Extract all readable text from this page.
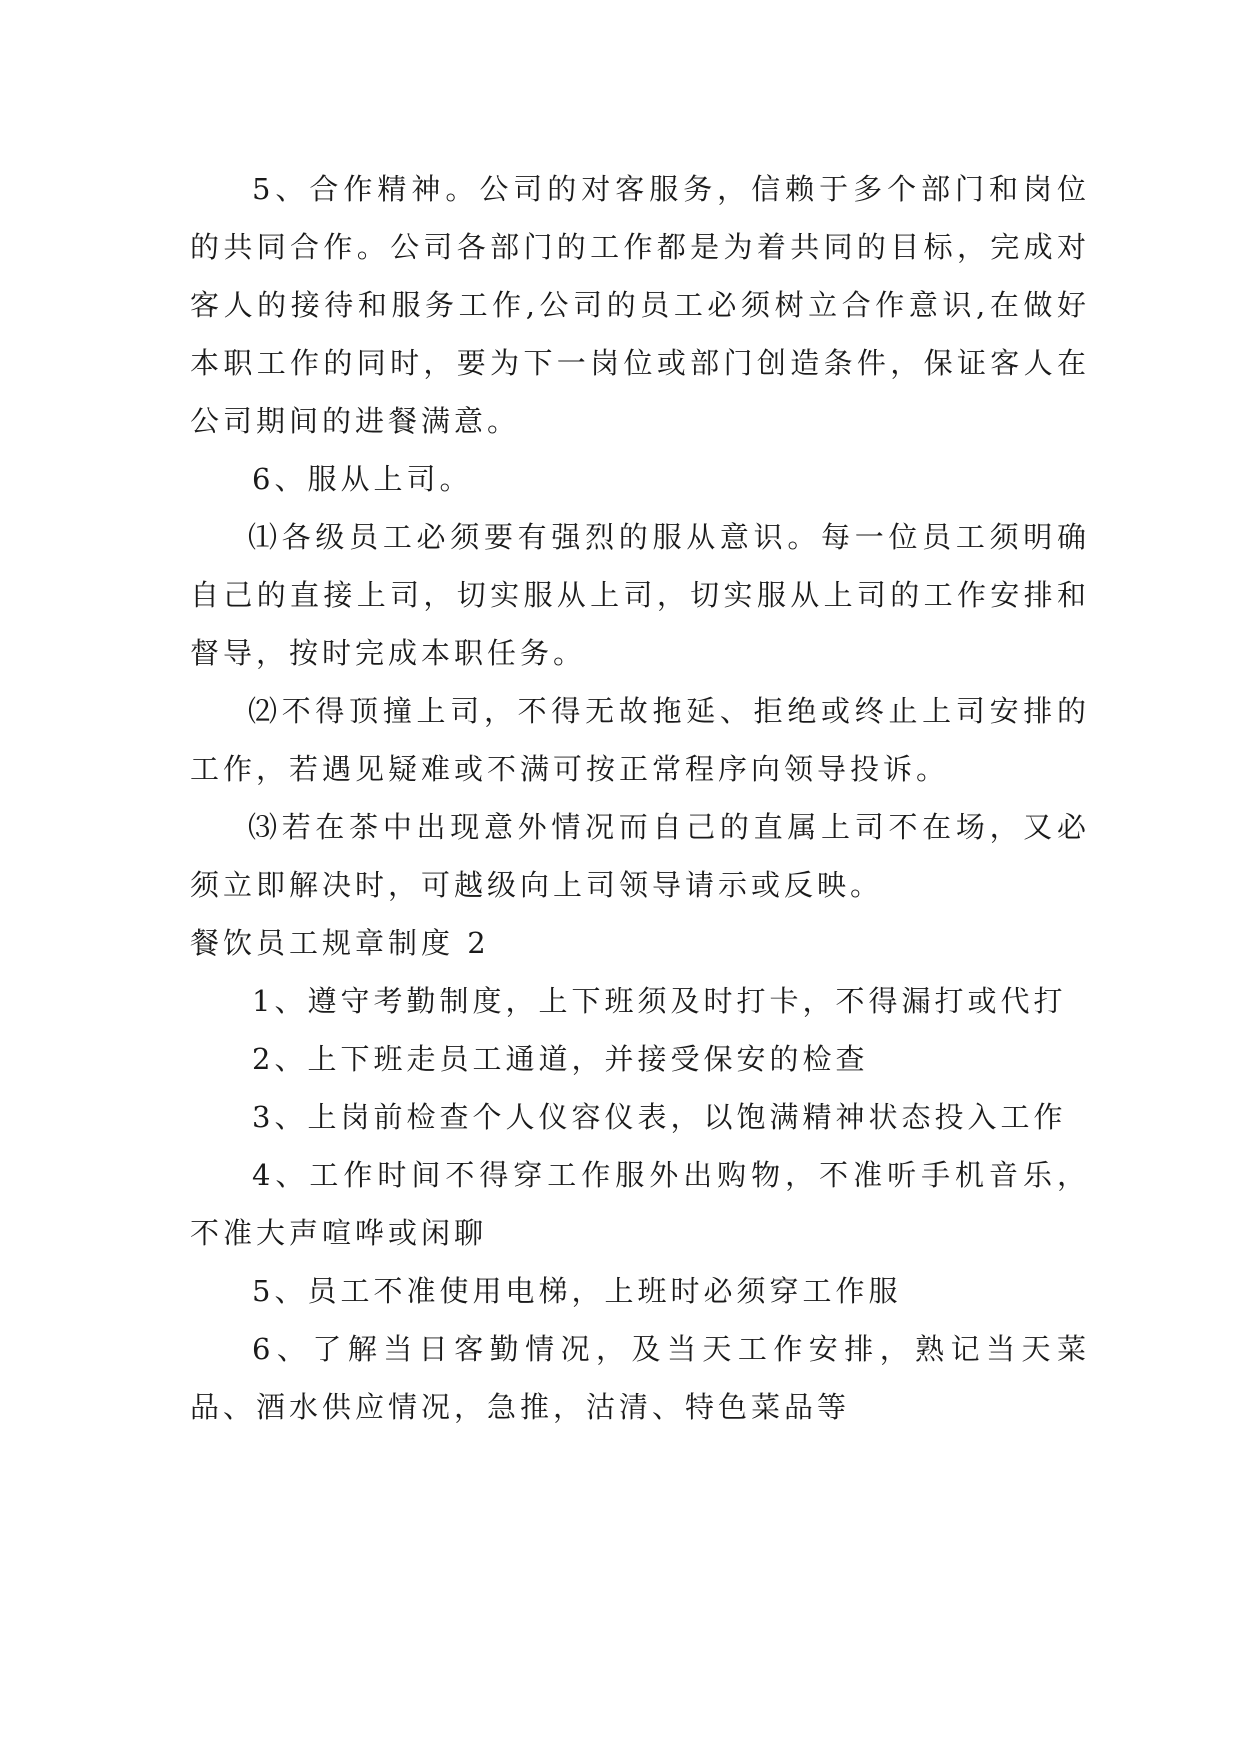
5、合作精神。公司的对客服务，信赖于多个部门和岗位的共同合作。公司各部门的工作都是为着共同的目标，完成对客人的接待和服务工作,公司的员工必须树立合作意识,在做好本职工作的同时，要为下一岗位或部门创造条件，保证客人在公司期间的进餐满意。

6、服从上司。

⑴各级员工必须要有强烈的服从意识。每一位员工须明确自己的直接上司，切实服从上司，切实服从上司的工作安排和督导，按时完成本职任务。

⑵不得顶撞上司，不得无故拖延、拒绝或终止上司安排的工作，若遇见疑难或不满可按正常程序向领导投诉。

⑶若在茶中出现意外情况而自己的直属上司不在场，又必须立即解决时，可越级向上司领导请示或反映。

餐饮员工规章制度 2

1、遵守考勤制度，上下班须及时打卡，不得漏打或代打

2、上下班走员工通道，并接受保安的检查

3、上岗前检查个人仪容仪表，以饱满精神状态投入工作

4、工作时间不得穿工作服外出购物，不准听手机音乐，不准大声喧哗或闲聊

5、员工不准使用电梯，上班时必须穿工作服

6、了解当日客勤情况，及当天工作安排，熟记当天菜品、酒水供应情况，急推，沽清、特色菜品等
